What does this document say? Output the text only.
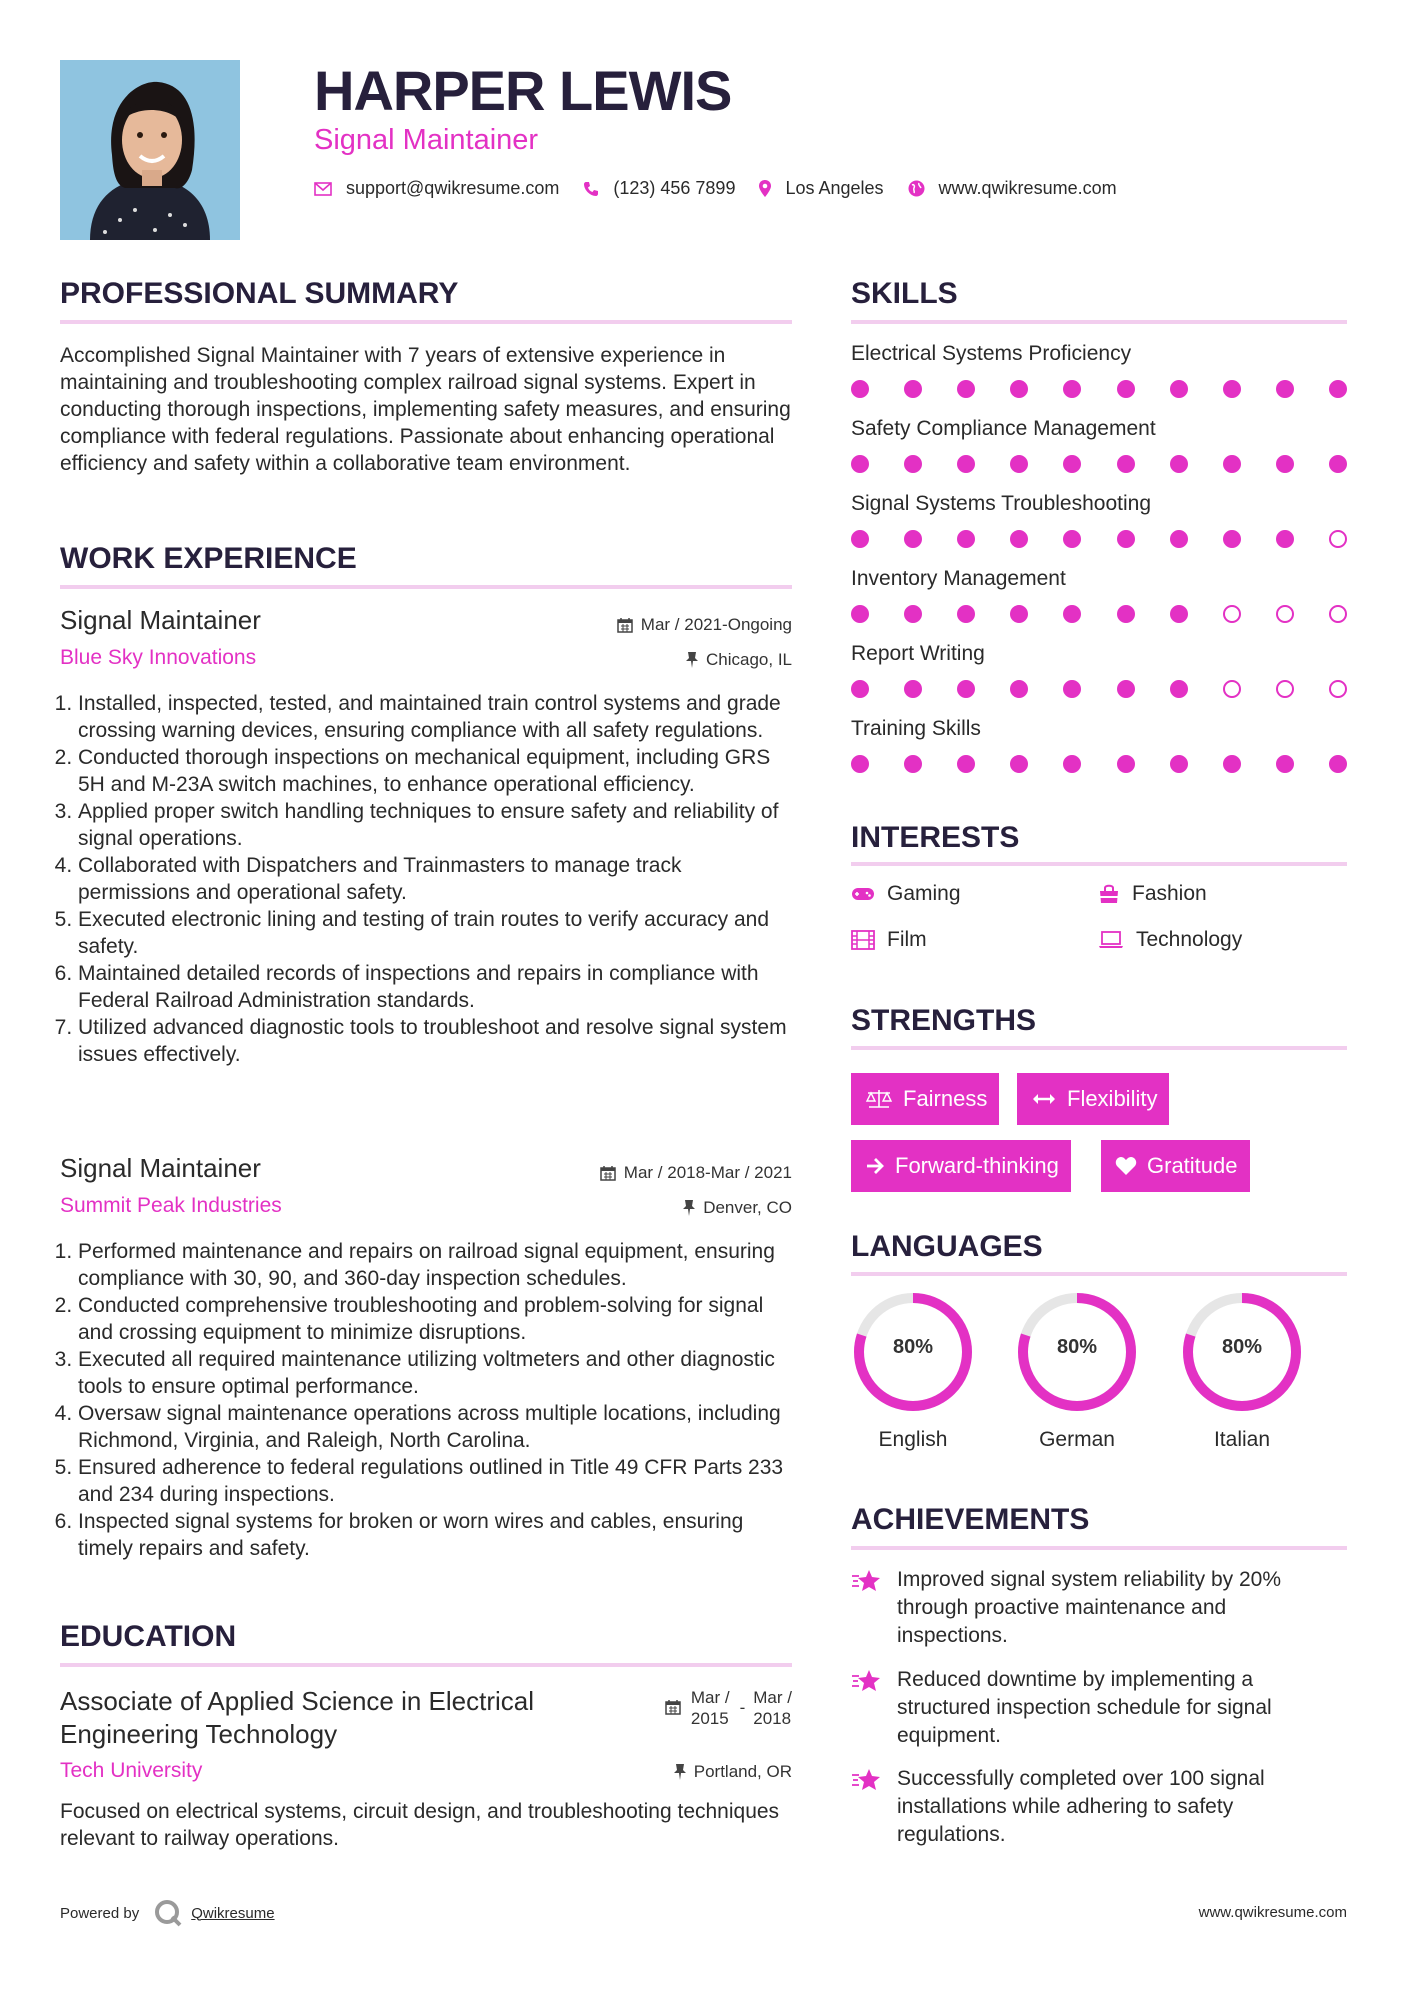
HARPER LEWIS
Signal Maintainer
support@qwikresume.com	(123) 456 7899	Los Angeles	www.qwikresume.com
PROFESSIONAL SUMMARY
Accomplished Signal Maintainer with 7 years of extensive experience in maintaining and troubleshooting complex railroad signal systems. Expert in conducting thorough inspections, implementing safety measures, and ensuring compliance with federal regulations. Passionate about enhancing operational efficiency and safety within a collaborative team environment.
WORK EXPERIENCE
Signal Maintainer	Mar / 2021-Ongoing
Blue Sky Innovations	Chicago, IL
1. Installed, inspected, tested, and maintained train control systems and grade crossing warning devices, ensuring compliance with all safety regulations.
2. Conducted thorough inspections on mechanical equipment, including GRS 5H and M-23A switch machines, to enhance operational efficiency.
3. Applied proper switch handling techniques to ensure safety and reliability of signal operations.
4. Collaborated with Dispatchers and Trainmasters to manage track permissions and operational safety.
5. Executed electronic lining and testing of train routes to verify accuracy and safety.
6. Maintained detailed records of inspections and repairs in compliance with Federal Railroad Administration standards.
7. Utilized advanced diagnostic tools to troubleshoot and resolve signal system issues effectively.
Signal Maintainer	Mar / 2018-Mar / 2021
Summit Peak Industries	Denver, CO
1. Performed maintenance and repairs on railroad signal equipment, ensuring compliance with 30, 90, and 360-day inspection schedules.
2. Conducted comprehensive troubleshooting and problem-solving for signal and crossing equipment to minimize disruptions.
3. Executed all required maintenance utilizing voltmeters and other diagnostic tools to ensure optimal performance.
4. Oversaw signal maintenance operations across multiple locations, including Richmond, Virginia, and Raleigh, North Carolina.
5. Ensured adherence to federal regulations outlined in Title 49 CFR Parts 233 and 234 during inspections.
6. Inspected signal systems for broken or worn wires and cables, ensuring timely repairs and safety.
EDUCATION
Associate of Applied Science in Electrical
Engineering Technology
Mar /
2015
-
Mar /
2018
Tech University	Portland, OR
Focused on electrical systems, circuit design, and troubleshooting techniques relevant to railway operations.
SKILLS
Electrical Systems Proficiency
Safety Compliance Management
Signal Systems Troubleshooting
Inventory Management
Report Writing
Training Skills
INTERESTS
Gaming	Fashion
Film	Technology
STRENGTHS
Fairness	Flexibility
Forward-thinking	Gratitude
LANGUAGES
80%
English
80%
German
80%
Italian
ACHIEVEMENTS
Improved signal system reliability by 20% through proactive maintenance and inspections.
Reduced downtime by implementing a structured inspection schedule for signal equipment.
Successfully completed over 100 signal installations while adhering to safety regulations.
Powered by	Qwikresume	www.qwikresume.com
